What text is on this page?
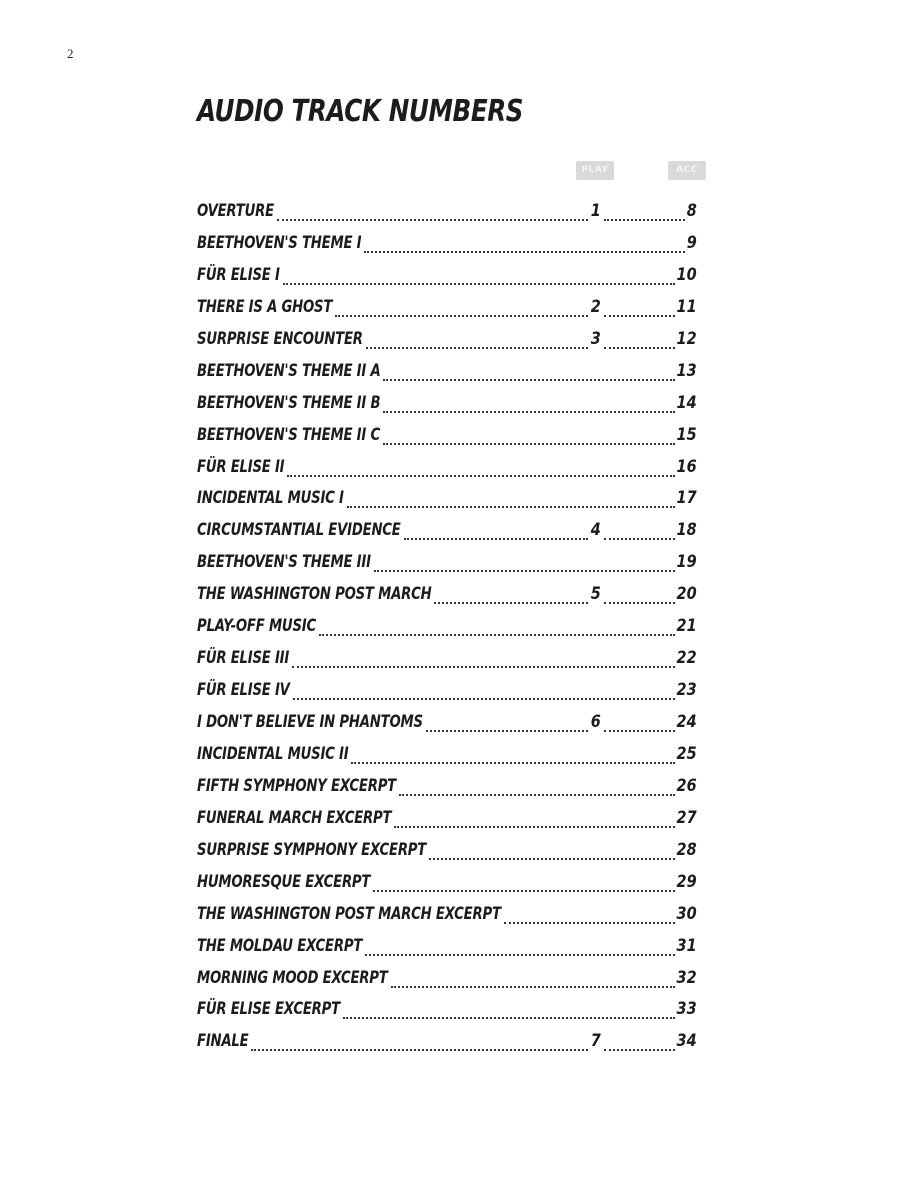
2
AUDIO TRACK NUMBERS
PLAY	ACC
OVERTURE	1	8
BEETHOVEN'S THEME I	9
FÜR ELISE I	10
THERE IS A GHOST	2	11
SURPRISE ENCOUNTER	3	12
BEETHOVEN'S THEME II A	13
BEETHOVEN'S THEME II B	14
BEETHOVEN'S THEME II C	15
FÜR ELISE II	16
INCIDENTAL MUSIC I	17
CIRCUMSTANTIAL EVIDENCE	4	18
BEETHOVEN'S THEME III	19
THE WASHINGTON POST MARCH	5	20
PLAY-OFF MUSIC	21
FÜR ELISE III	22
FÜR ELISE IV	23
I DON'T BELIEVE IN PHANTOMS	6	24
INCIDENTAL MUSIC II	25
FIFTH SYMPHONY EXCERPT	26
FUNERAL MARCH EXCERPT	27
SURPRISE SYMPHONY EXCERPT	28
HUMORESQUE EXCERPT	29
THE WASHINGTON POST MARCH EXCERPT	30
THE MOLDAU EXCERPT	31
MORNING MOOD EXCERPT	32
FÜR ELISE EXCERPT	33
FINALE	7	34
